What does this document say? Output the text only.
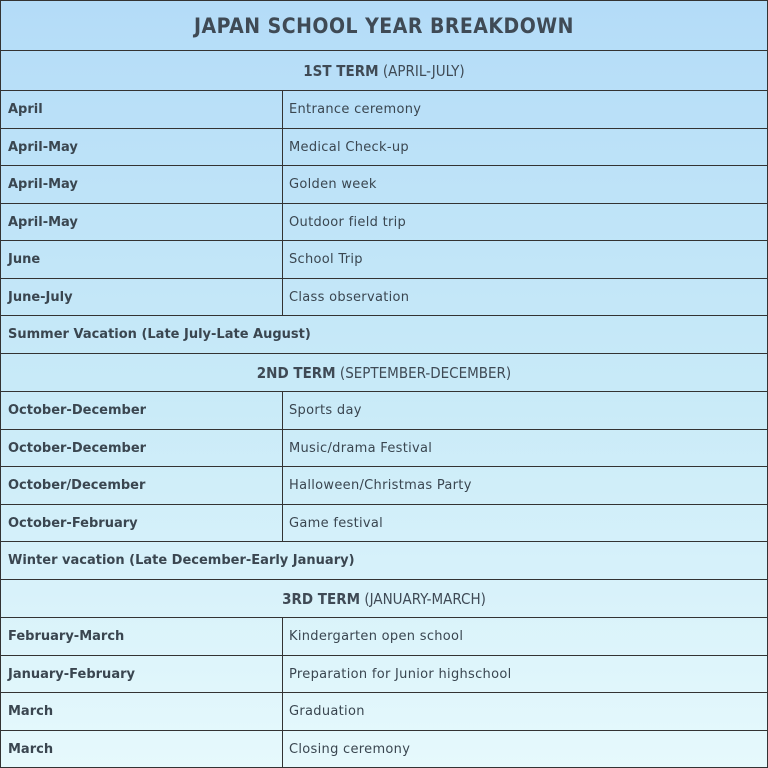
JAPAN SCHOOL YEAR BREAKDOWN
1ST TERM (APRIL-JULY)
April	Entrance ceremony
April-May	Medical Check-up
April-May	Golden week
April-May	Outdoor field trip
June	School Trip
June-July	Class observation
Summer Vacation (Late July-Late August)
2ND TERM (SEPTEMBER-DECEMBER)
October-December	Sports day
October-December	Music/drama Festival
October/December	Halloween/Christmas Party
October-February	Game festival
Winter vacation (Late December-Early January)
3RD TERM (JANUARY-MARCH)
February-March	Kindergarten open school
January-February	Preparation for Junior highschool
March	Graduation
March	Closing ceremony
